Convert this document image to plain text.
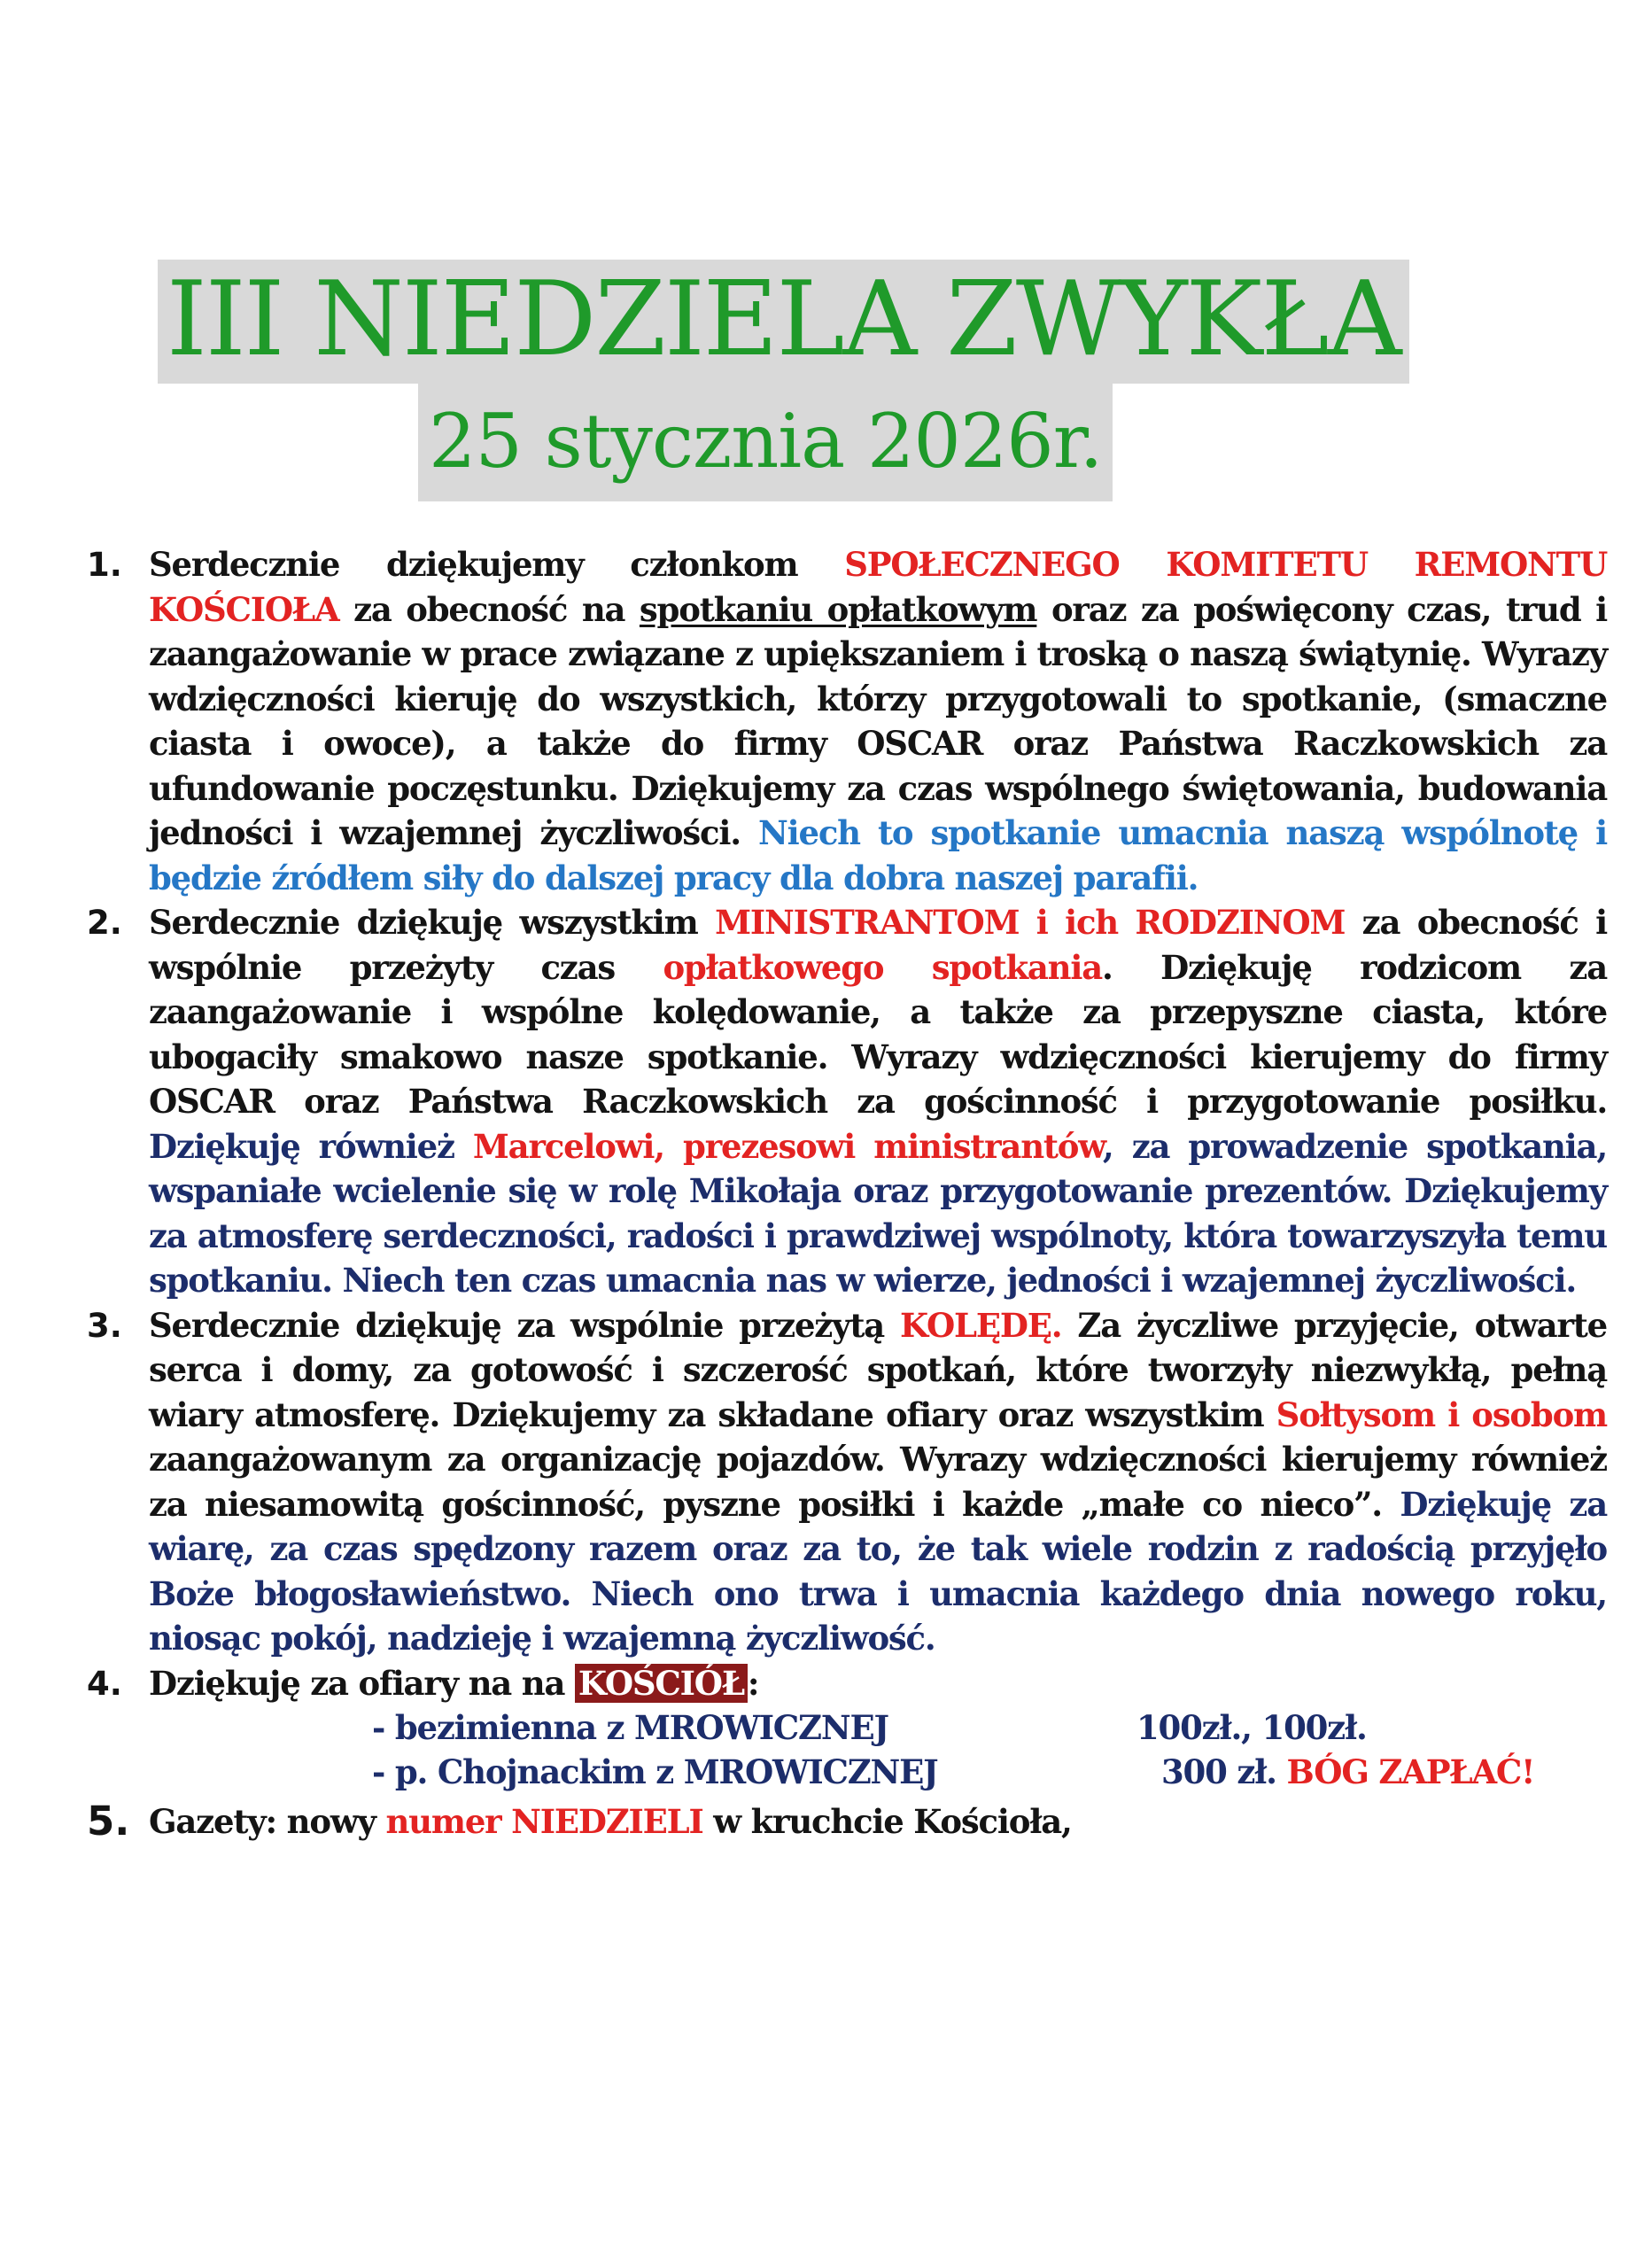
III NIEDZIELA ZWYKŁA
25 stycznia 2026r.
1. Serdecznie dziękujemy członkom SPOŁECZNEGO KOMITETU REMONTU KOŚCIOŁA za obecność na spotkaniu opłatkowym oraz za poświęcony czas, trud i zaangażowanie w prace związane z upiększaniem i troską o naszą świątynię. Wyrazy wdzięczności kieruję do wszystkich, którzy przygotowali to spotkanie, (smaczne ciasta i owoce), a także do firmy OSCAR oraz Państwa Raczkowskich za ufundowanie poczęstunku. Dziękujemy za czas wspólnego świętowania, budowania jedności i wzajemnej życzliwości. Niech to spotkanie umacnia naszą wspólnotę i będzie źródłem siły do dalszej pracy dla dobra naszej parafii.
2. Serdecznie dziękuję wszystkim MINISTRANTOM i ich RODZINOM za obecność i wspólnie przeżyty czas opłatkowego spotkania. Dziękuję rodzicom za zaangażowanie i wspólne kolędowanie, a także za przepyszne ciasta, które ubogaciły smakowo nasze spotkanie. Wyrazy wdzięczności kierujemy do firmy OSCAR oraz Państwa Raczkowskich za gościnność i przygotowanie posiłku. Dziękuję również Marcelowi, prezesowi ministrantów, za prowadzenie spotkania, wspaniałe wcielenie się w rolę Mikołaja oraz przygotowanie prezentów. Dziękujemy za atmosferę serdeczności, radości i prawdziwej wspólnoty, która towarzyszyła temu spotkaniu. Niech ten czas umacnia nas w wierze, jedności i wzajemnej życzliwości.
3. Serdecznie dziękuję za wspólnie przeżytą KOLĘDĘ. Za życzliwe przyjęcie, otwarte serca i domy, za gotowość i szczerość spotkań, które tworzyły niezwykłą, pełną wiary atmosferę. Dziękujemy za składane ofiary oraz wszystkim Sołtysom i osobom zaangażowanym za organizację pojazdów. Wyrazy wdzięczności kierujemy również za niesamowitą gościnność, pyszne posiłki i każde „małe co nieco”. Dziękuję za wiarę, za czas spędzony razem oraz za to, że tak wiele rodzin z radością przyjęło Boże błogosławieństwo. Niech ono trwa i umacnia każdego dnia nowego roku, niosąc pokój, nadzieję i wzajemną życzliwość.
4. Dziękuję za ofiary na na KOŚCIÓŁ :
- bezimienna z MROWICZNEJ	100zł., 100zł.
- p. Chojnackim z MROWICZNEJ	300 zł. BÓG ZAPŁAĆ!
5. Gazety: nowy numer NIEDZIELI w kruchcie Kościoła,
